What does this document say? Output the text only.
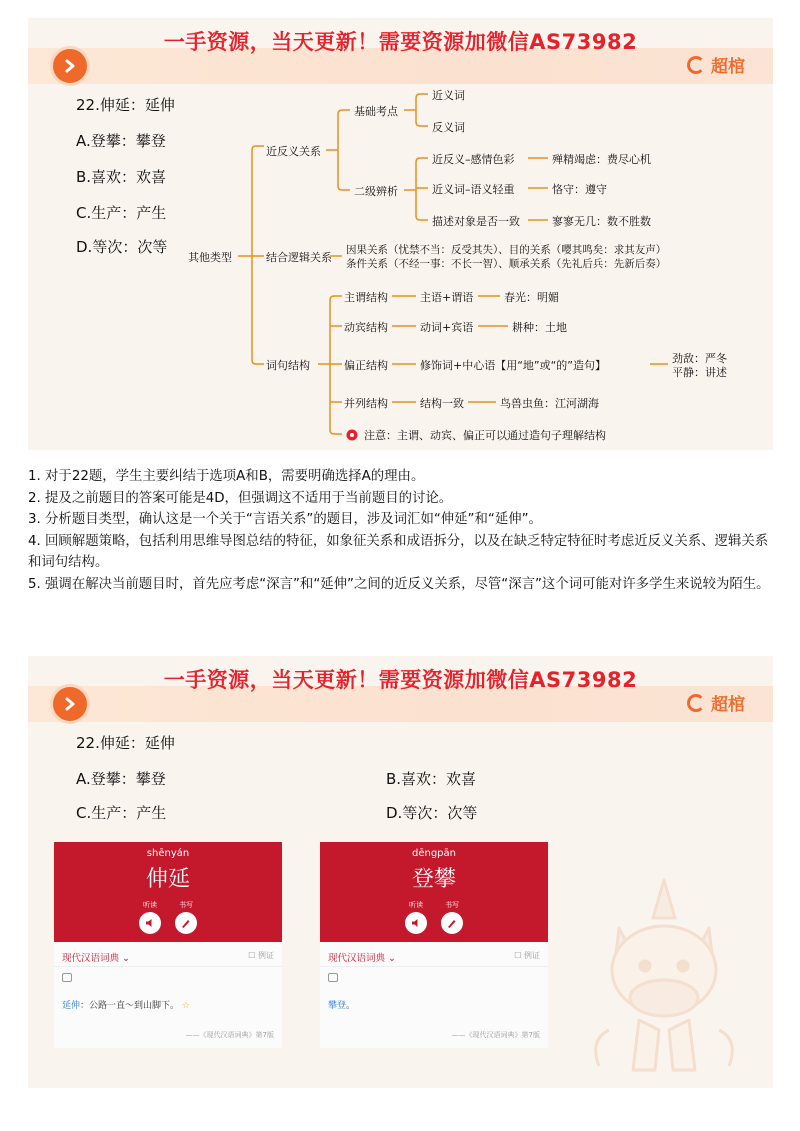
一手资源，当天更新！需要资源加微信AS73982
超棺
22.伸延：延伸
A.登攀：攀登
B.喜欢：欢喜
C.生产：产生
D.等次：次等
其他类型
近反义关系
基础考点
近义词
反义词
二级辨析
近反义–感情色彩	殚精竭虑：费尽心机
近义词–语义轻重	恪守：遵守
描述对象是否一致	寥寥无几：数不胜数
结合逻辑关系
因果关系（忧禁不当：反受其失）、目的关系（嘤其鸣矣：求其友声）
条件关系（不经一事：不长一智）、顺承关系（先礼后兵：先新后奏）
词句结构
主谓结构	主语+谓语	春光：明媚
动宾结构	动词+宾语	耕种：土地
偏正结构	修饰词+中心语【用“地”或“的”造句】
劲敌：严冬
平静：讲述
并列结构	结构一致	鸟兽虫鱼：江河湖海
注意：主谓、动宾、偏正可以通过造句子理解结构

1. 对于22题，学生主要纠结于选项A和B，需要明确选择A的理由。

2. 提及之前题目的答案可能是4D，但强调这不适用于当前题目的讨论。

3. 分析题目类型，确认这是一个关于“言语关系”的题目，涉及词汇如“伸延”和“延伸”。

4. 回顾解题策略，包括利用思维导图总结的特征，如象征关系和成语拆分，以及在缺乏特定特征时考虑近反义关系、逻辑关系和词句结构。

5. 强调在解决当前题目时，首先应考虑“深言”和“延伸”之间的近反义关系，尽管“深言”这个词可能对许多学生来说较为陌生。

一手资源，当天更新！需要资源加微信AS73982
超棺
22.伸延：延伸
A.登攀：攀登	B.喜欢：欢喜
C.生产：产生	D.等次：次等
shēnyán
伸延
听读	书写
现代汉语词典 ⌄	☐ 例证
延伸：公路一直～到山脚下。 ☆
——《现代汉语词典》第7版
dēngpān
登攀
听读	书写
现代汉语词典 ⌄	☐ 例证
攀登。
——《现代汉语词典》第7版
